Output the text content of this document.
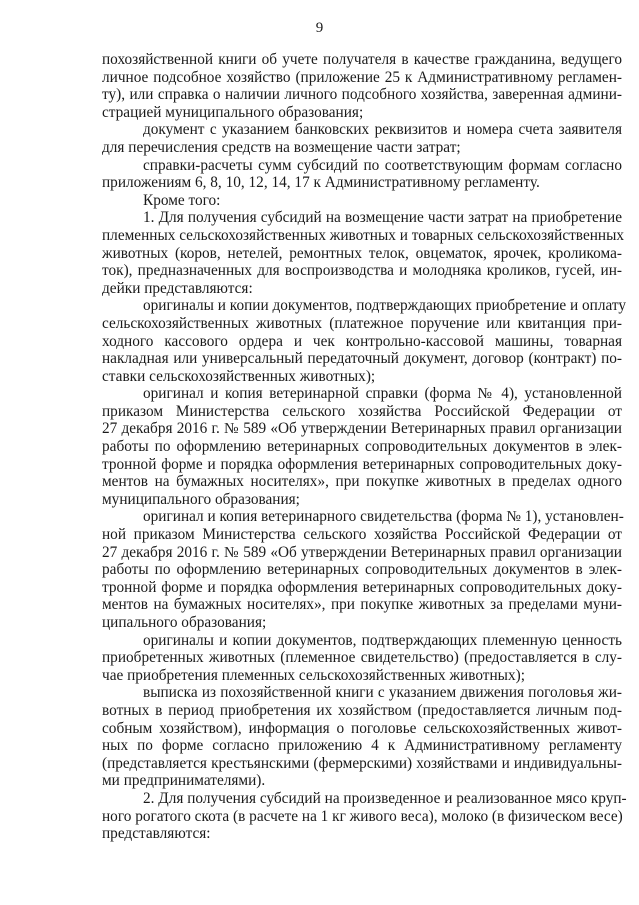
9
похозяйственной книги об учете получателя в качестве гражданина, ведущего
личное подсобное хозяйство (приложение 25 к Административному регламен-
ту), или справка о наличии личного подсобного хозяйства, заверенная админи-
страцией муниципального образования;
документ с указанием банковских реквизитов и номера счета заявителя
для перечисления средств на возмещение части затрат;
справки-расчеты сумм субсидий по соответствующим формам согласно
приложениям 6, 8, 10, 12, 14, 17 к Административному регламенту.
Кроме того:
1. Для получения субсидий на возмещение части затрат на приобретение
племенных сельскохозяйственных животных и товарных сельскохозяйственных
животных (коров, нетелей, ремонтных телок, овцематок, ярочек, кроликома-
ток), предназначенных для воспроизводства и молодняка кроликов, гусей, ин-
дейки представляются:
оригиналы и копии документов, подтверждающих приобретение и оплату
сельскохозяйственных животных (платежное поручение или квитанция при-
ходного кассового ордера и чек контрольно-кассовой машины, товарная
накладная или универсальный передаточный документ, договор (контракт) по-
ставки сельскохозяйственных животных);
оригинал и копия ветеринарной справки (форма № 4), установленной
приказом Министерства сельского хозяйства Российской Федерации от
27 декабря 2016 г. № 589 «Об утверждении Ветеринарных правил организации
работы по оформлению ветеринарных сопроводительных документов в элек-
тронной форме и порядка оформления ветеринарных сопроводительных доку-
ментов на бумажных носителях», при покупке животных в пределах одного
муниципального образования;
оригинал и копия ветеринарного свидетельства (форма № 1), установлен-
ной приказом Министерства сельского хозяйства Российской Федерации от
27 декабря 2016 г. № 589 «Об утверждении Ветеринарных правил организации
работы по оформлению ветеринарных сопроводительных документов в элек-
тронной форме и порядка оформления ветеринарных сопроводительных доку-
ментов на бумажных носителях», при покупке животных за пределами муни-
ципального образования;
оригиналы и копии документов, подтверждающих племенную ценность
приобретенных животных (племенное свидетельство) (предоставляется в слу-
чае приобретения племенных сельскохозяйственных животных);
выписка из похозяйственной книги с указанием движения поголовья жи-
вотных в период приобретения их хозяйством (предоставляется личным под-
собным хозяйством), информация о поголовье сельскохозяйственных живот-
ных по форме согласно приложению 4 к Административному регламенту
(представляется крестьянскими (фермерскими) хозяйствами и индивидуальны-
ми предпринимателями).
2. Для получения субсидий на произведенное и реализованное мясо круп-
ного рогатого скота (в расчете на 1 кг живого веса), молоко (в физическом весе)
представляются:
